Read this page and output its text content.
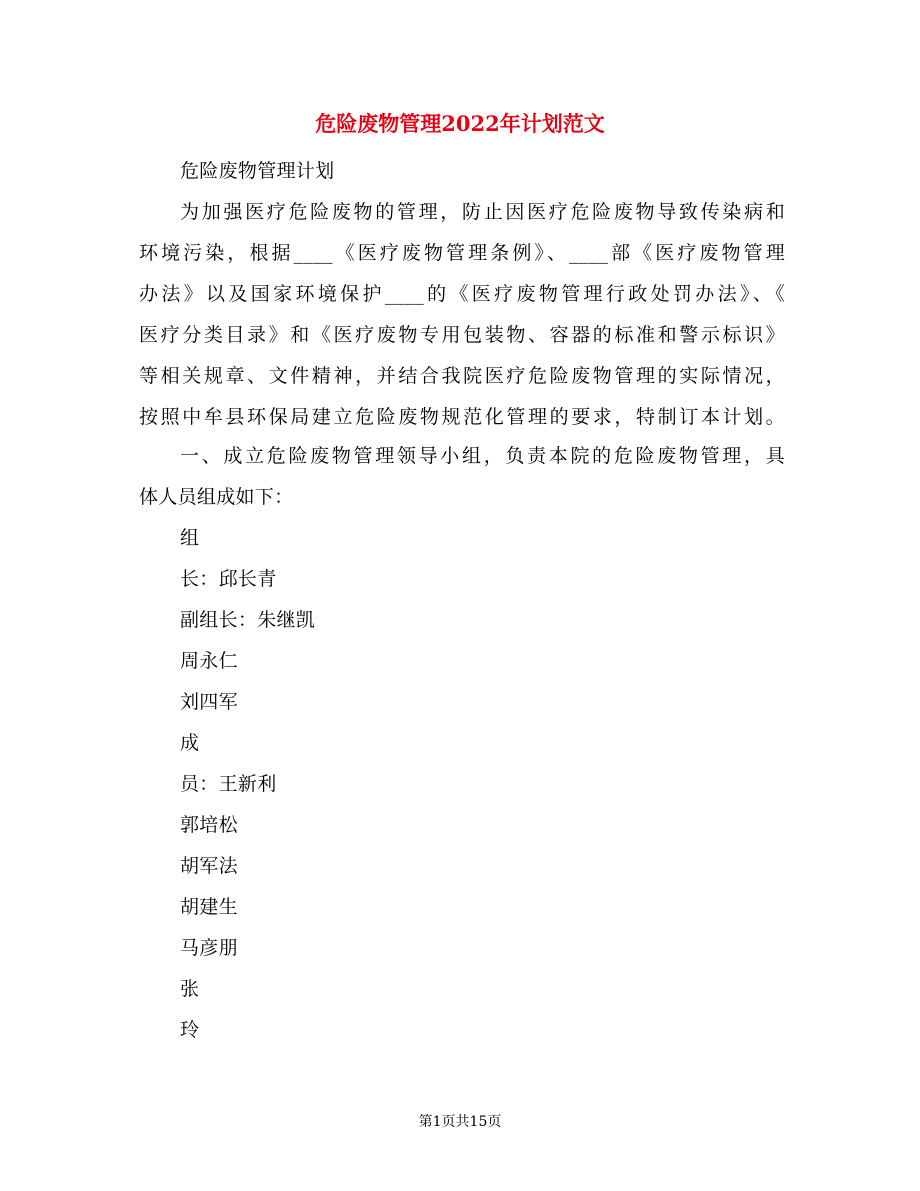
危险废物管理2022年计划范文
危险废物管理计划
为加强医疗危险废物的管理，防止因医疗危险废物导致传染病和
环境污染，根据____《医疗废物管理条例》、____部《医疗废物管理
办法》以及国家环境保护____的《医疗废物管理行政处罚办法》、《
医疗分类目录》和《医疗废物专用包装物、容器的标准和警示标识》
等相关规章、文件精神，并结合我院医疗危险废物管理的实际情况，
按照中牟县环保局建立危险废物规范化管理的要求，特制订本计划。
一、成立危险废物管理领导小组，负责本院的危险废物管理，具
体人员组成如下：
组
长：邱长青
副组长：朱继凯
周永仁
刘四军
成
员：王新利
郭培松
胡军法
胡建生
马彦朋
张
玲
第1页共15页
